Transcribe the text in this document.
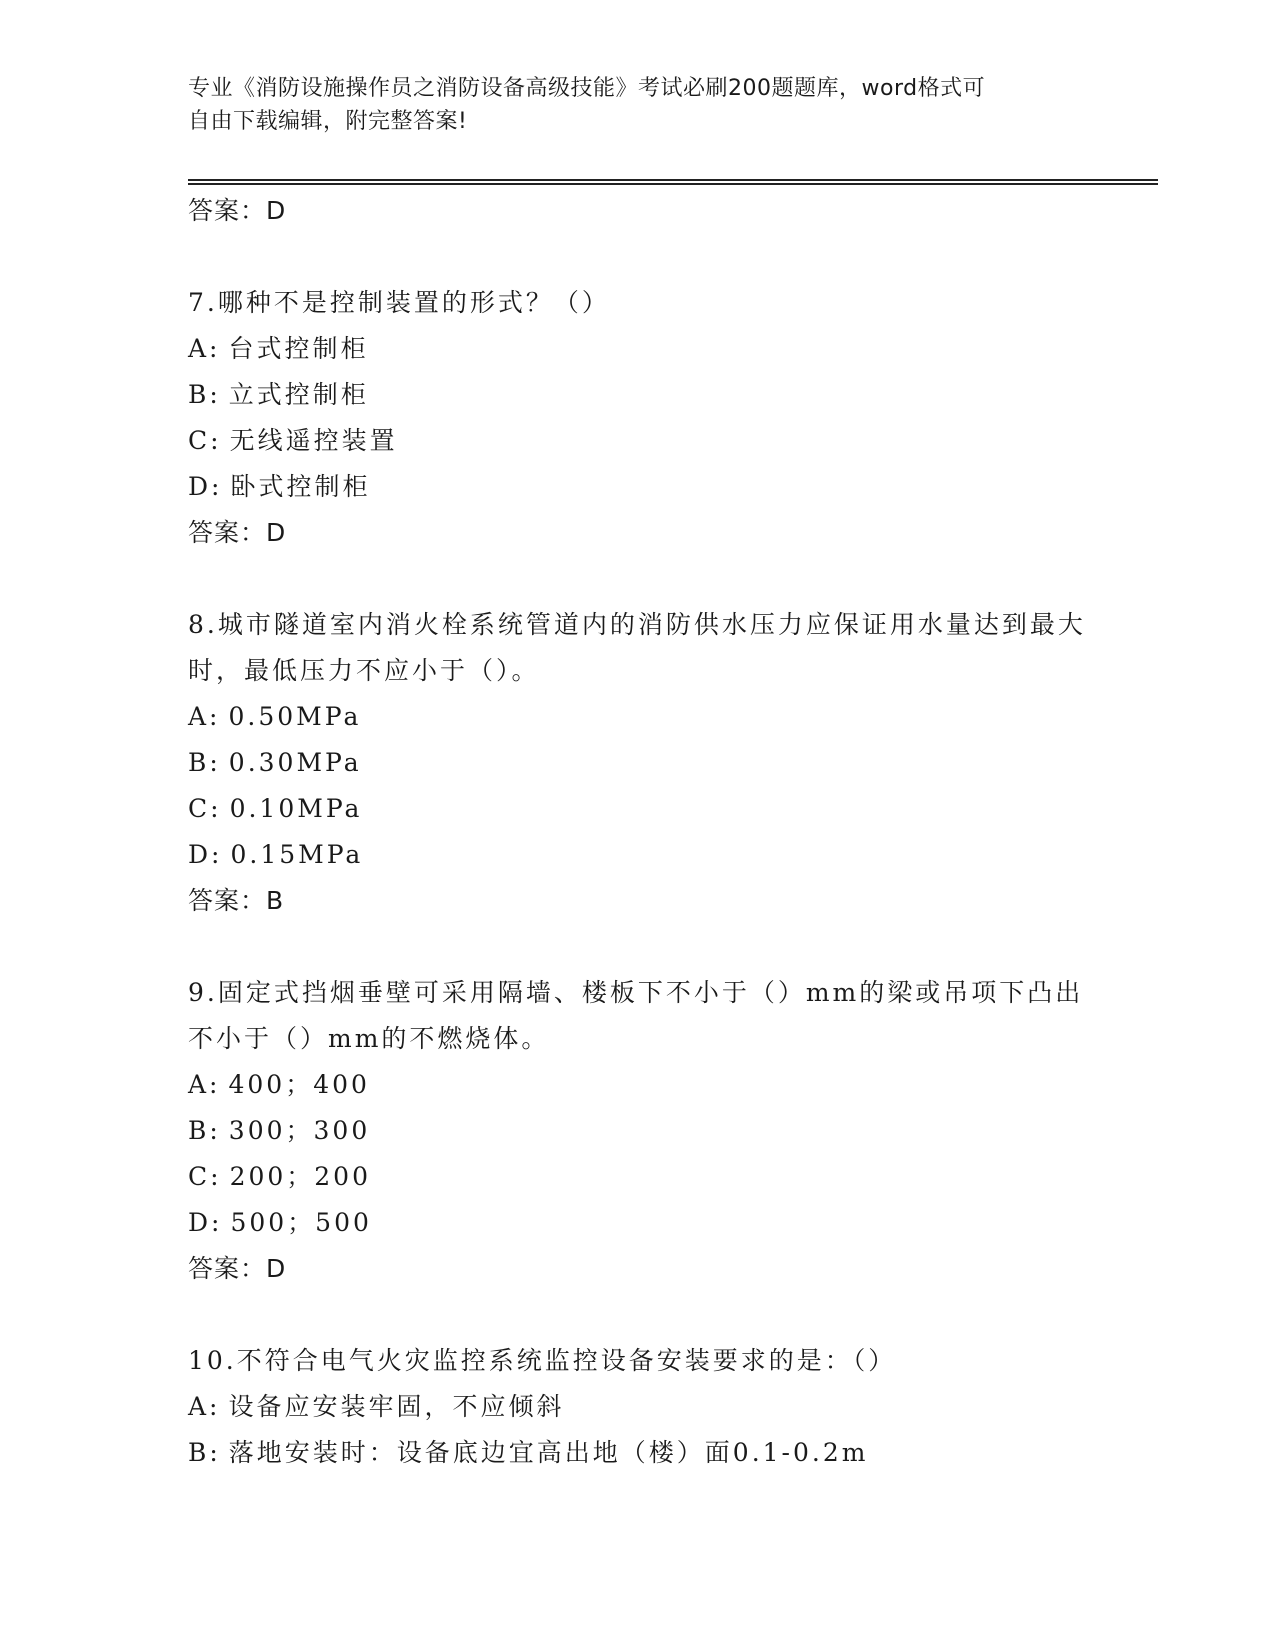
专业《消防设施操作员之消防设备高级技能》考试必刷200题题库，word格式可
自由下载编辑，附完整答案!
答案：D
7.哪种不是控制装置的形式？（）
A: 台式控制柜
B: 立式控制柜
C: 无线遥控装置
D: 卧式控制柜
答案：D
8.城市隧道室内消火栓系统管道内的消防供水压力应保证用水量达到最大时，最低压力不应小于（）。
A: 0.50MPa
B: 0.30MPa
C: 0.10MPa
D: 0.15MPa
答案：B
9.固定式挡烟垂壁可采用隔墙、楼板下不小于（）mm的梁或吊项下凸出不小于（）mm的不燃烧体。
A: 400；400
B: 300；300
C: 200；200
D: 500；500
答案：D
10.不符合电气火灾监控系统监控设备安装要求的是：（）
A: 设备应安装牢固，不应倾斜
B: 落地安装时：设备底边宜高出地（楼）面0.1-0.2m
